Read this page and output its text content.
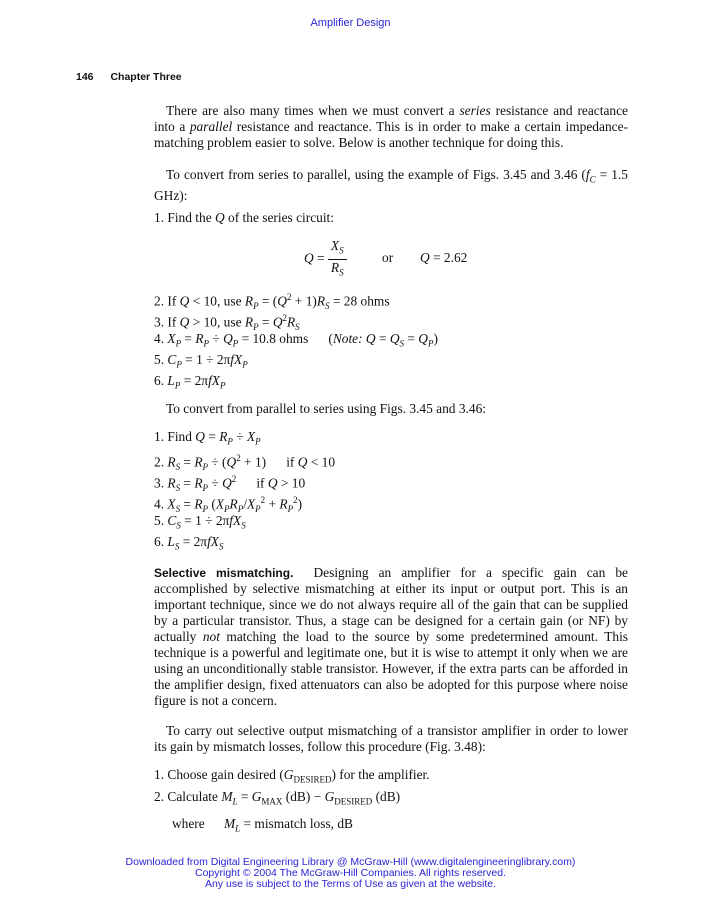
Amplifier Design
146 Chapter Three
There are also many times when we must convert a series resistance and reactance into a parallel resistance and reactance. This is in order to make a certain impedance-matching problem easier to solve. Below is another technique for doing this.
To convert from series to parallel, using the example of Figs. 3.45 and 3.46 ($f_C = 1.5$ GHz):
1. Find the Q of the series circuit:
$Q = \frac{X_S}{R_S}$	or Q = 2.62
2. If Q < 10, use $R_P = (Q^2 + 1)R_S = 28$ ohms
3. If Q > 10, use $R_P = Q^2R_S$
4. $X_P = R_P \div Q_P = 10.8$ ohms      (Note: $Q = Q_S = Q_P$)
5. $C_P = 1 \div 2\pi fX_P$
6. $L_P = 2\pi fX_P$
To convert from parallel to series using Figs. 3.45 and 3.46:
1. Find $Q = R_P \div X_P$
2. $R_S = R_P \div (Q^2 + 1)$      if Q < 10
3. $R_S = R_P \div Q^2$      if Q > 10
4. $X_S = R_P$ $(X_PR_P/X_P^2 + R_P^2)$
5. $C_S = 1 \div 2\pi fX_S$
6. $L_S = 2\pi fX_S$
Selective mismatching.  Designing an amplifier for a specific gain can be accomplished by selective mismatching at either its input or output port. This is an important technique, since we do not always require all of the gain that can be supplied by a particular transistor. Thus, a stage can be designed for a certain gain (or NF) by actually not matching the load to the source by some predetermined amount. This technique is a powerful and legitimate one, but it is wise to attempt it only when we are using an unconditionally stable transistor. However, if the extra parts can be afforded in the amplifier design, fixed attenuators can also be adopted for this purpose where noise figure is not a concern.
To carry out selective output mismatching of a transistor amplifier in order to lower its gain by mismatch losses, follow this procedure (Fig. 3.48):
1. Choose gain desired $(G_{DESIRED})$ for the amplifier.
2. Calculate $M_L = G_{MAX}$ $(dB) - G_{DESIRED}$ (dB)
where $M_L$ = mismatch loss, dB
Downloaded from Digital Engineering Library @ McGraw-Hill (www.digitalengineeringlibrary.com)
Copyright © 2004 The McGraw-Hill Companies. All rights reserved.
Any use is subject to the Terms of Use as given at the website.
